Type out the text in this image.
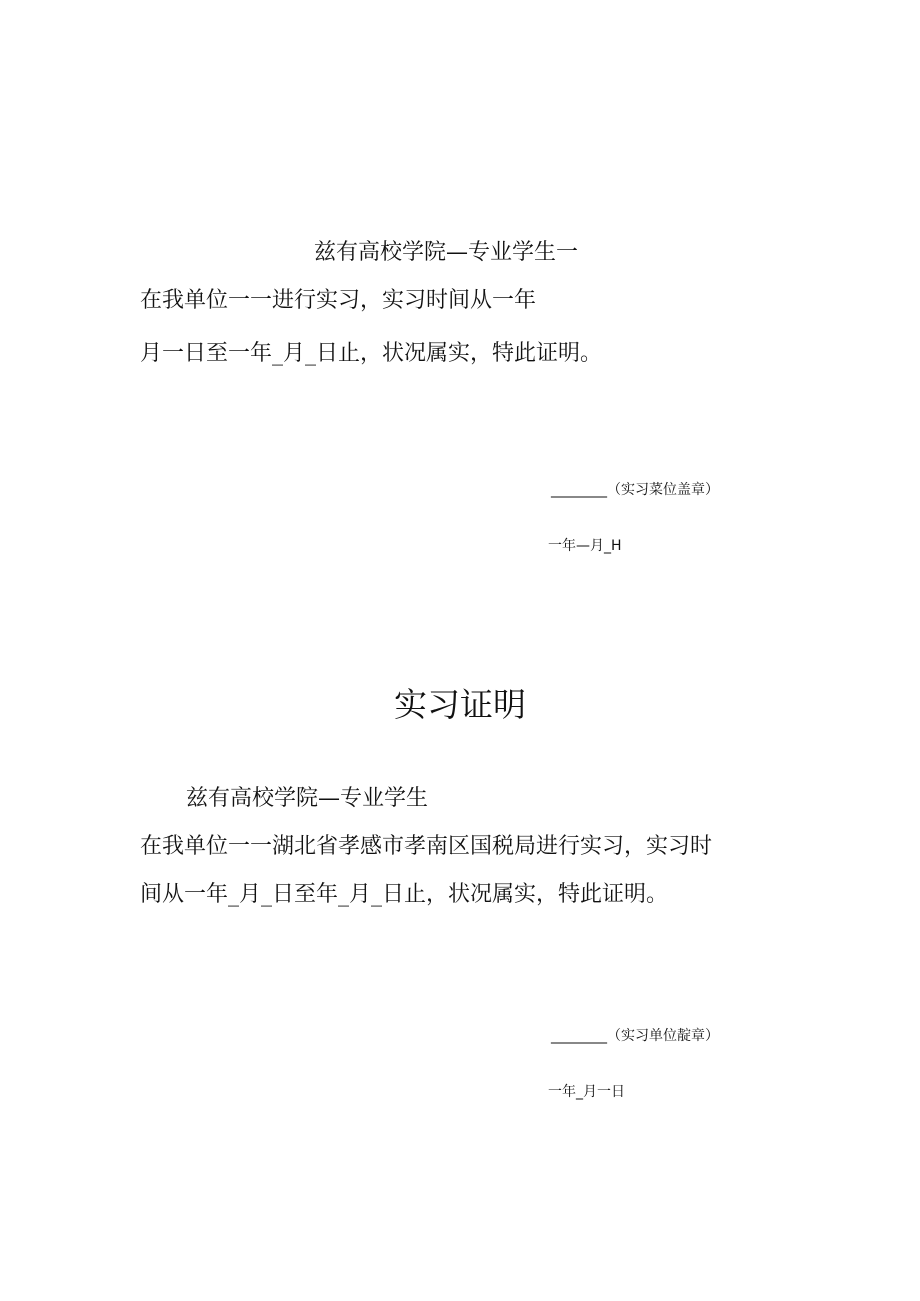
兹有高校学院—专业学生一
在我单位一一进行实习，实习时间从一年
月一日至一年_月_日止，状况属实，特此证明。
________（实习菜位盖章）
一年—月_H
实习证明
兹有高校学院—专业学生
在我单位一一湖北省孝感市孝南区国税局进行实习，实习时
间从一年_月_日至年_月_日止，状况属实，特此证明。
________（实习单位靛章）
一年_月一日
